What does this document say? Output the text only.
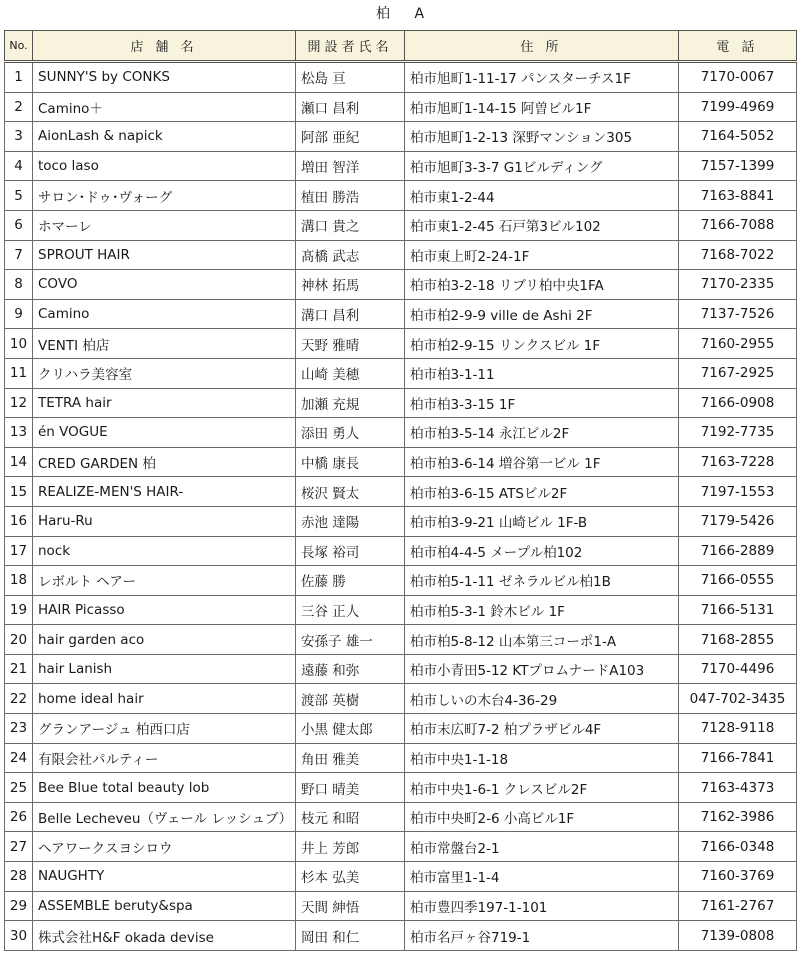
柏 A
No.	店 舗 名	開設者氏名	住 所	電 話
1	SUNNY'S by CONKS	松島 亘	柏市旭町1-11-17 パンスターチス1F	7170-0067
2	Camino＋	瀬口 昌利	柏市旭町1-14-15 阿曽ビル1F	7199-4969
3	AionLash & napick	阿部 亜紀	柏市旭町1-2-13 深野マンション305	7164-5052
4	toco laso	増田 智洋	柏市旭町3-3-7 G1ビルディング	7157-1399
5	サロン･ドゥ･ヴォーグ	植田 勝浩	柏市東1-2-44	7163-8841
6	ホマーレ	溝口 貴之	柏市東1-2-45 石戸第3ビル102	7166-7088
7	SPROUT HAIR	髙橋 武志	柏市東上町2-24-1F	7168-7022
8	COVO	神林 拓馬	柏市柏3-2-18 リブリ柏中央1FA	7170-2335
9	Camino	溝口 昌利	柏市柏2-9-9 ville de Ashi 2F	7137-7526
10	VENTI 柏店	天野 雅晴	柏市柏2-9-15 リンクスビル 1F	7160-2955
11	クリハラ美容室	山崎 美穂	柏市柏3-1-11	7167-2925
12	TETRA hair	加瀬 充規	柏市柏3-3-15 1F	7166-0908
13	én VOGUE	添田 勇人	柏市柏3-5-14 永江ビル2F	7192-7735
14	CRED GARDEN 柏	中橋 康長	柏市柏3-6-14 増谷第一ビル 1F	7163-7228
15	REALIZE-MEN'S HAIR-	桜沢 賢太	柏市柏3-6-15 ATSビル2F	7197-1553
16	Haru-Ru	赤池 達陽	柏市柏3-9-21 山崎ビル 1F-B	7179-5426
17	nock	長塚 裕司	柏市柏4-4-5 メープル柏102	7166-2889
18	レボルト ヘアー	佐藤 勝	柏市柏5-1-11 ゼネラルビル柏1B	7166-0555
19	HAIR Picasso	三谷 正人	柏市柏5-3-1 鈴木ビル 1F	7166-5131
20	hair garden aco	安孫子 雄一	柏市柏5-8-12 山本第三コーポ1-A	7168-2855
21	hair Lanish	遠藤 和弥	柏市小青田5-12 KTプロムナードA103	7170-4496
22	home ideal hair	渡部 英樹	柏市しいの木台4-36-29	047-702-3435
23	グランアージュ 柏西口店	小黒 健太郎	柏市末広町7-2 柏プラザビル4F	7128-9118
24	有限会社パルティー	角田 雅美	柏市中央1-1-18	7166-7841
25	Bee Blue total beauty lob	野口 晴美	柏市中央1-6-1 クレスビル2F	7163-4373
26	Belle Lecheveu（ヴェール レッシュブ）	枝元 和昭	柏市中央町2-6 小高ビル1F	7162-3986
27	ヘアワークスヨシロウ	井上 芳郎	柏市常盤台2-1	7166-0348
28	NAUGHTY	杉本 弘美	柏市富里1-1-4	7160-3769
29	ASSEMBLE beruty&spa	天間 紳悟	柏市豊四季197-1-101	7161-2767
30	株式会社H&F okada devise	岡田 和仁	柏市名戸ヶ谷719-1	7139-0808
